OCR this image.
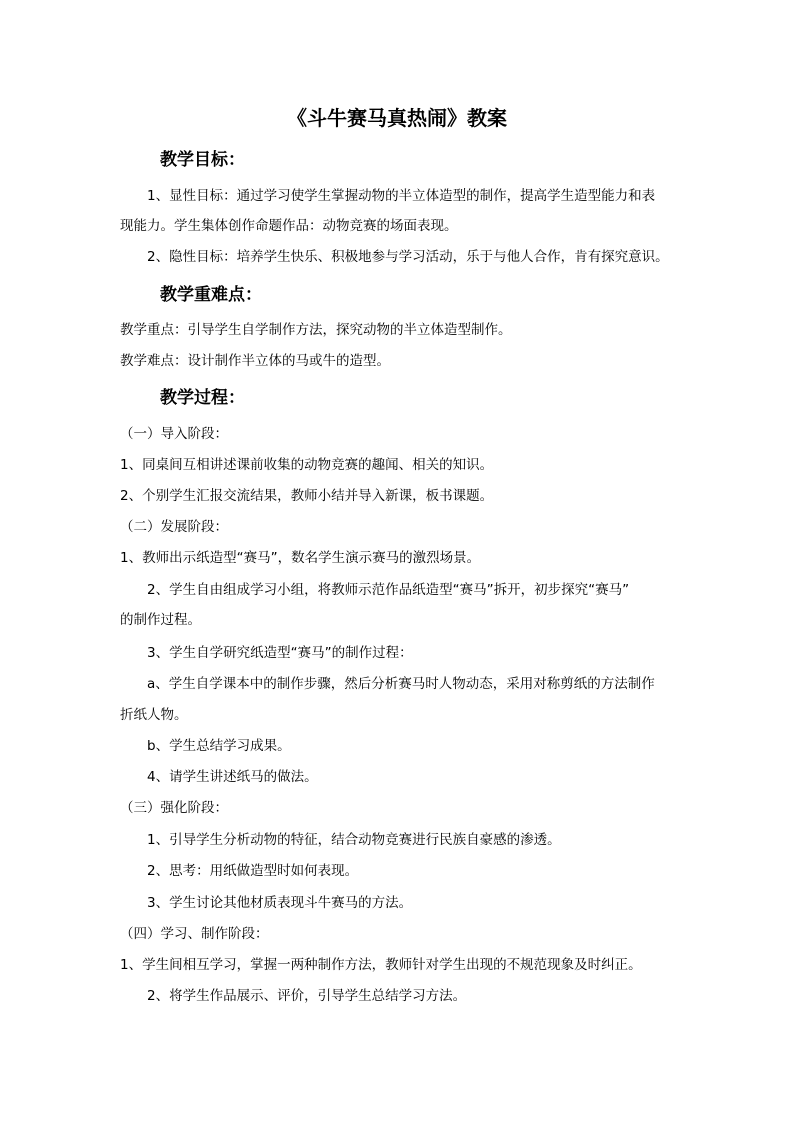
《斗牛赛马真热闹》教案
教学目标：
1、显性目标：通过学习使学生掌握动物的半立体造型的制作，提高学生造型能力和表
现能力。学生集体创作命题作品：动物竞赛的场面表现。
2、隐性目标：培养学生快乐、积极地参与学习活动，乐于与他人合作，肯有探究意识。
教学重难点：
教学重点：引导学生自学制作方法，探究动物的半立体造型制作。
教学难点：设计制作半立体的马或牛的造型。
教学过程：
（一）导入阶段：
1、同桌间互相讲述课前收集的动物竞赛的趣闻、相关的知识。
2、个别学生汇报交流结果，教师小结并导入新课，板书课题。
（二）发展阶段：
1、教师出示纸造型“赛马”，数名学生演示赛马的激烈场景。
2、学生自由组成学习小组，将教师示范作品纸造型“赛马”拆开，初步探究“赛马”
的制作过程。
3、学生自学研究纸造型“赛马”的制作过程：
a、学生自学课本中的制作步骤，然后分析赛马时人物动态，采用对称剪纸的方法制作
折纸人物。
b、学生总结学习成果。
4、请学生讲述纸马的做法。
（三）强化阶段：
1、引导学生分析动物的特征，结合动物竞赛进行民族自豪感的渗透。
2、思考：用纸做造型时如何表现。
3、学生讨论其他材质表现斗牛赛马的方法。
（四）学习、制作阶段：
1、学生间相互学习，掌握一两种制作方法，教师针对学生出现的不规范现象及时纠正。
2、将学生作品展示、评价，引导学生总结学习方法。
